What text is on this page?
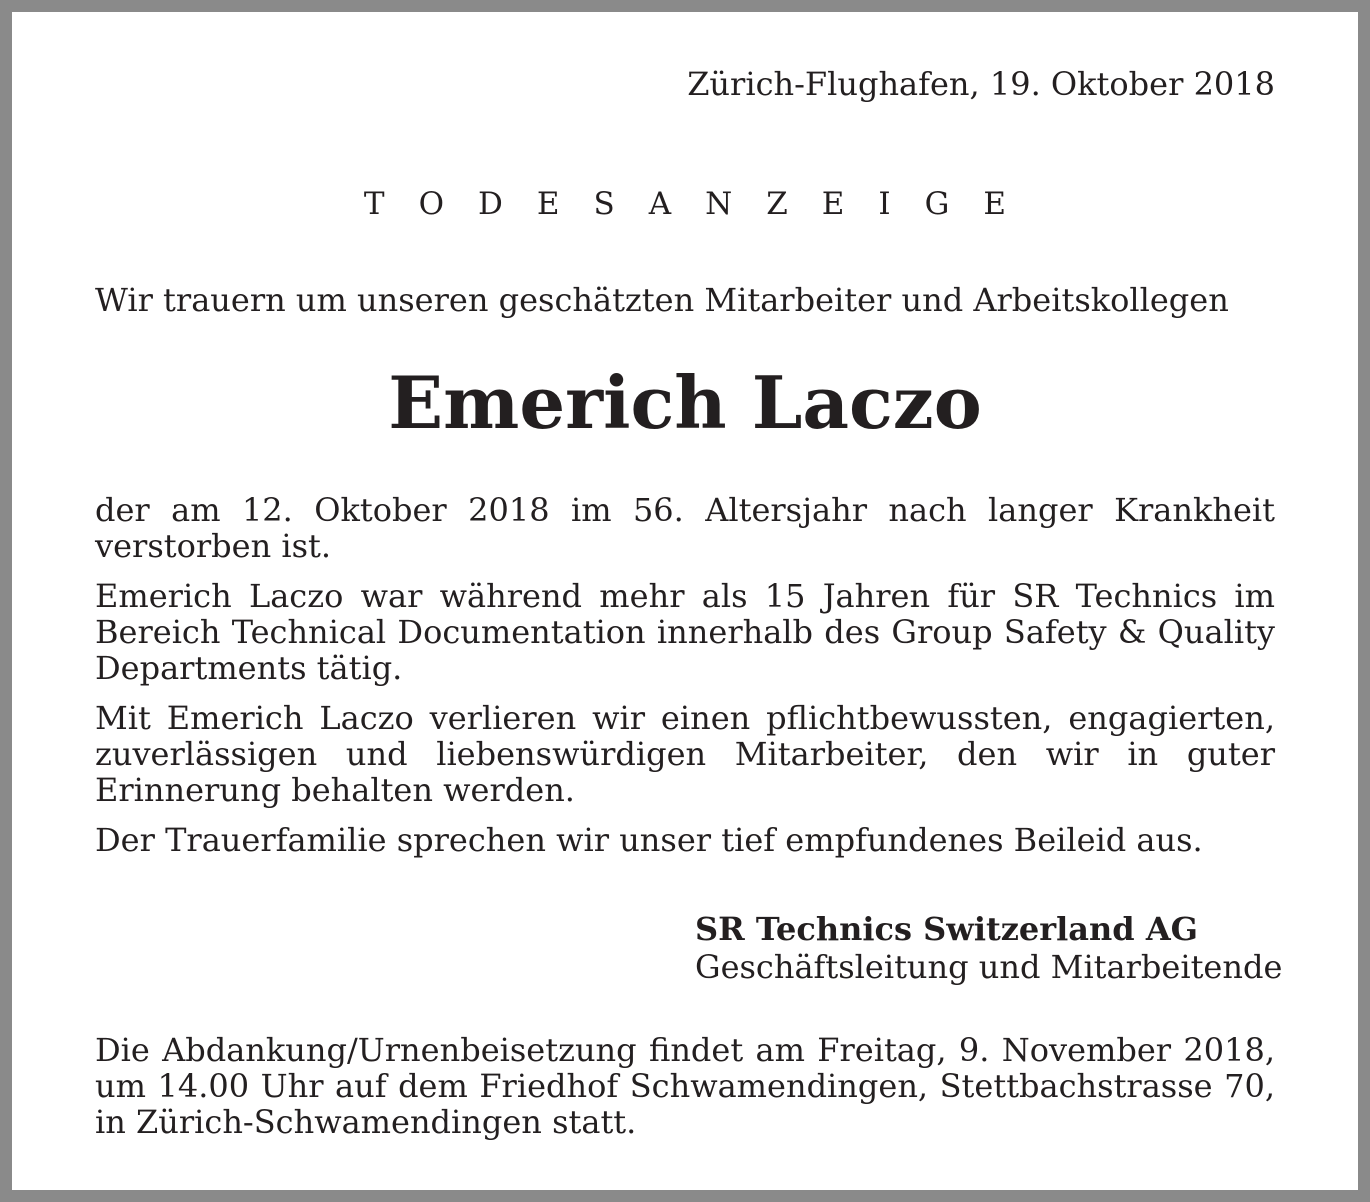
Zürich-Flughafen, 19. Oktober 2018
TODESANZEIGE
Wir trauern um unseren geschätzten Mitarbeiter und Arbeitskollegen
Emerich Laczo

der am 12. Oktober 2018 im 56. Altersjahr nach langer Krankheit verstorben ist.

Emerich Laczo war während mehr als 15 Jahren für SR Technics im Bereich Technical Documentation innerhalb des Group Safety & Quality Departments tätig.

Mit Emerich Laczo verlieren wir einen pflichtbewussten, engagierten, zuverlässigen und liebenswürdigen Mitarbeiter, den wir in guter Erinnerung behalten werden.

Der Trauerfamilie sprechen wir unser tief empfundenes Beileid aus.

SR Technics Switzerland AG
Geschäftsleitung und Mitarbeitende
Die Abdankung/Urnenbeisetzung findet am Freitag, 9. November 2018, um 14.00 Uhr auf dem Friedhof Schwamendingen, Stettbachstrasse 70, in Zürich-Schwamendingen statt.
